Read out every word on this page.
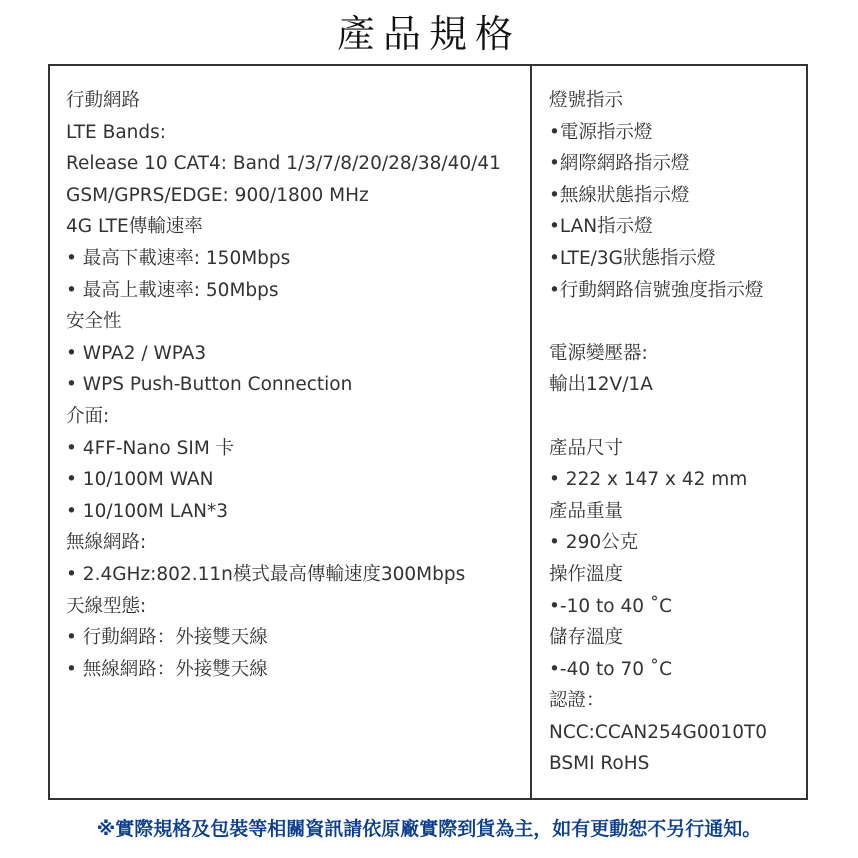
產品規格
行動網路
LTE Bands:
Release 10 CAT4: Band 1/3/7/8/20/28/38/40/41
GSM/GPRS/EDGE: 900/1800 MHz
4G LTE傳輸速率
• 最高下載速率: 150Mbps
• 最高上載速率: 50Mbps
安全性
• WPA2 / WPA3
• WPS Push-Button Connection
介面:
• 4FF-Nano SIM 卡
• 10/100M WAN
• 10/100M LAN*3
無線網路:
• 2.4GHz:802.11n模式最高傳輸速度300Mbps
天線型態:
• 行動網路：外接雙天線
• 無線網路：外接雙天線
燈號指示
•電源指示燈
•網際網路指示燈
•無線狀態指示燈
•LAN指示燈
•LTE/3G狀態指示燈
•行動網路信號強度指示燈
電源變壓器:
輸出12V/1A
產品尺寸
• 222 x 147 x 42 mm
產品重量
• 290公克
操作溫度
•-10 to 40 ˚C
儲存溫度
•-40 to 70 ˚C
認證：
NCC:CCAN254G0010T0
BSMI RoHS
※實際規格及包裝等相關資訊請依原廠實際到貨為主，如有更動恕不另行通知。
